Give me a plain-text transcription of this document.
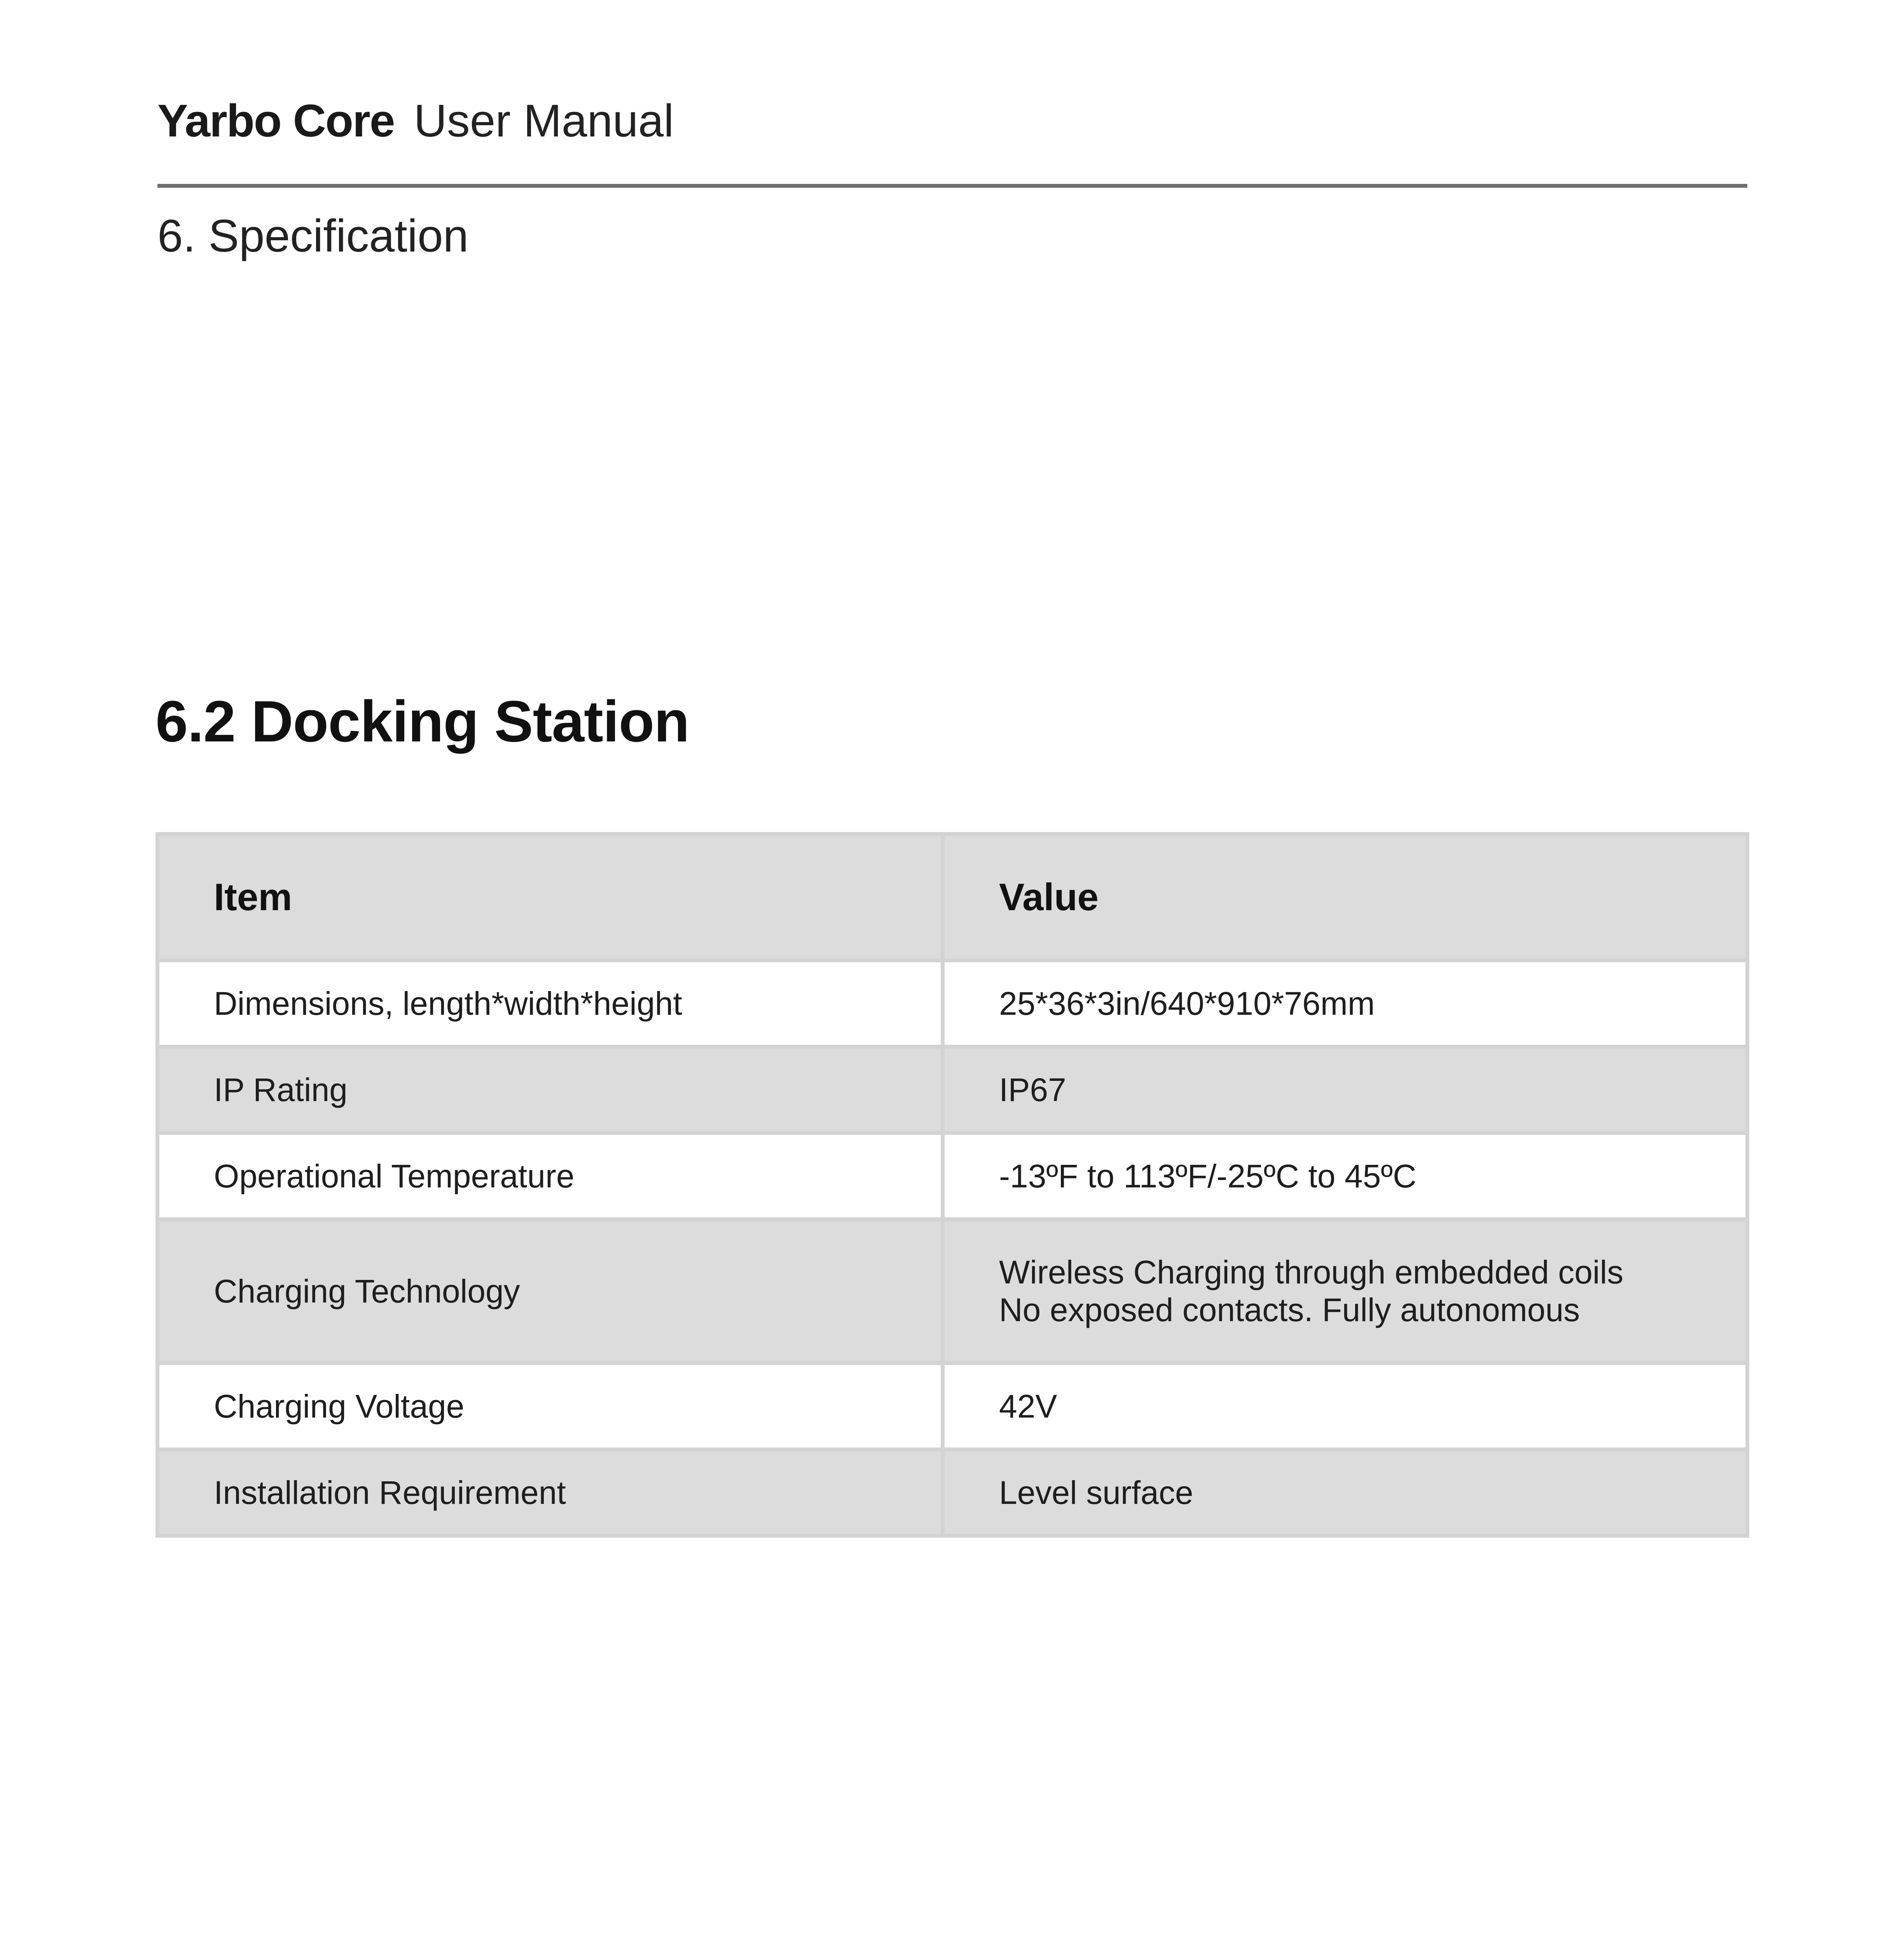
Yarbo Core User Manual
6. Specification
6.2 Docking Station
Item	Value
Dimensions, length*width*height	25*36*3in/640*910*76mm
IP Rating	IP67
Operational Temperature	-13ºF to 113ºF/-25ºC to 45ºC
Charging Technology	Wireless Charging through embedded coils
No exposed contacts. Fully autonomous

Charging Voltage	42V
Installation Requirement	Level surface
